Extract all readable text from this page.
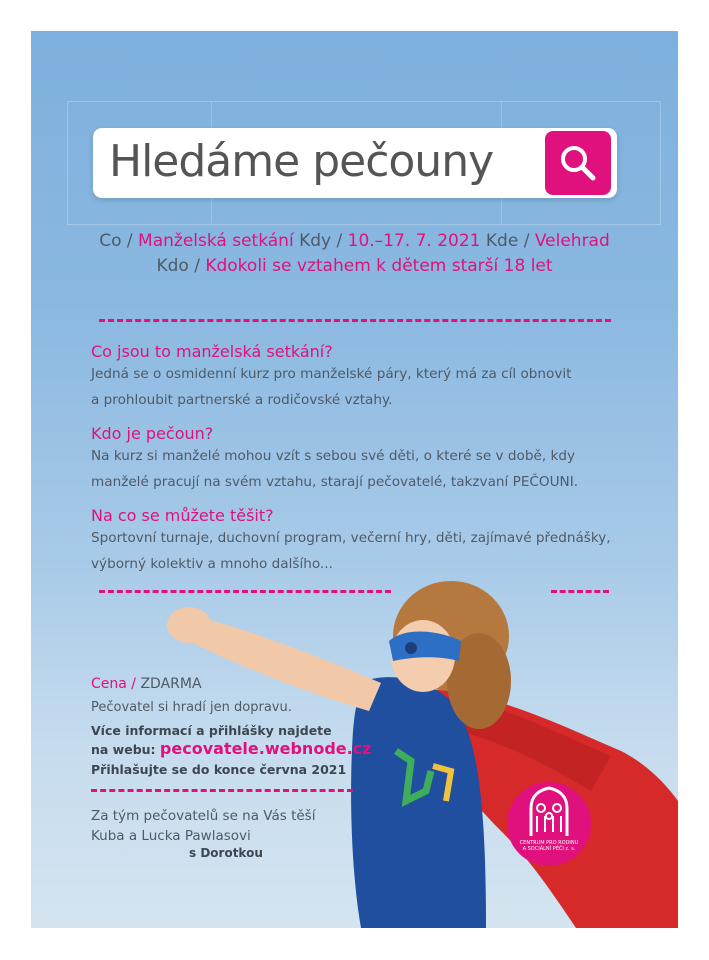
Hledáme pečouny
Co / Manželská setkání Kdy / 10.–17. 7. 2021 Kde / Velehrad
Kdo / Kdokoli se vztahem k dětem starší 18 let
Co jsou to manželská setkání?
Jedná se o osmidenní kurz pro manželské páry, který má za cíl obnovit
a prohloubit partnerské a rodičovské vztahy.
Kdo je pečoun?
Na kurz si manželé mohou vzít s sebou své děti, o které se v době, kdy
manželé pracují na svém vztahu, starají pečovatelé, takzvaní PEČOUNI.
Na co se můžete těšit?
Sportovní turnaje, duchovní program, večerní hry, děti, zajímavé přednášky,
výborný kolektiv a mnoho dalšího...
Cena / ZDARMA
Pečovatel si hradí jen dopravu.
Více informací a přihlášky najdete
na webu: pecovatele.webnode.cz
Přihlašujte se do konce června 2021
Za tým pečovatelů se na Vás těší
Kuba a Lucka Pawlasovi
s Dorotkou
CENTRUM PRO RODINU
A SOCIÁLNÍ PÉČI z. s.
